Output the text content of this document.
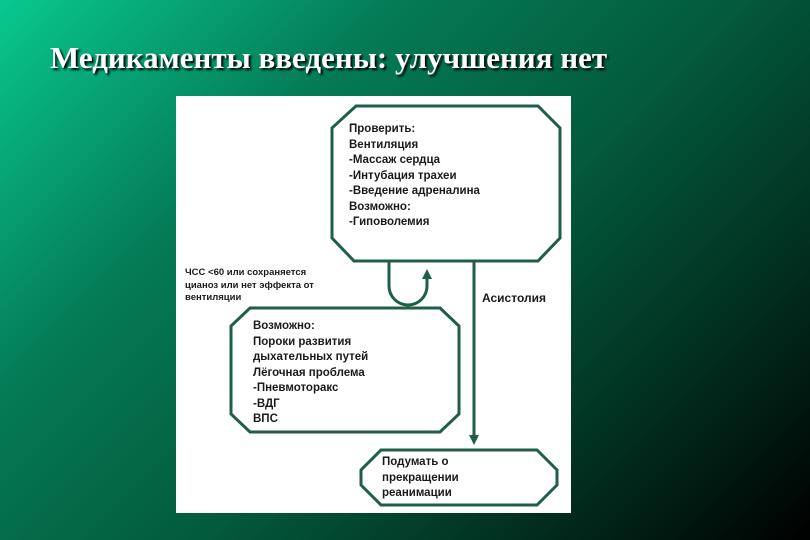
Медикаменты введены: улучшения нет
Проверить:
Вентиляция
-Массаж сердца
-Интубация трахеи
-Введение адреналина
Возможно:
-Гиповолемия
ЧСС <60 или сохраняется
цианоз или нет эффекта от
вентиляции	Асистолия
Возможно:
Пороки развития
дыхательных путей
Лёгочная проблема
-Пневмоторакс
-ВДГ
ВПС
Подумать о
прекращении
реанимации
